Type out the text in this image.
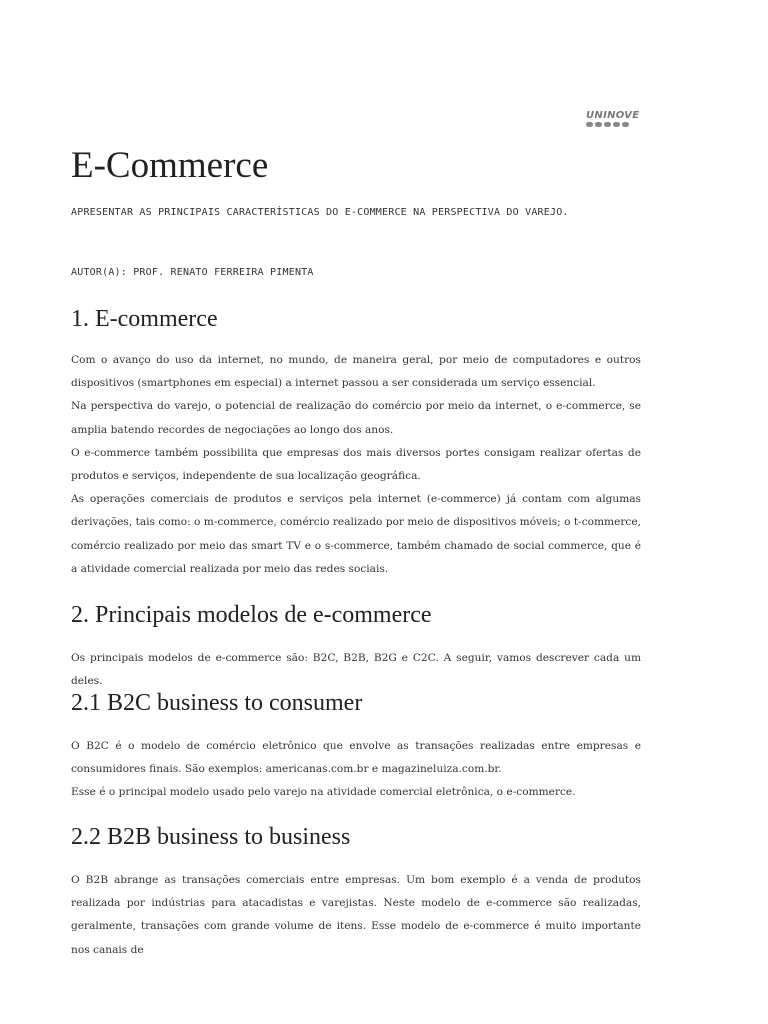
UNINOVE
E-Commerce
APRESENTAR AS PRINCIPAIS CARACTERÍSTICAS DO E-COMMERCE NA PERSPECTIVA DO VAREJO.
AUTOR(A): PROF. RENATO FERREIRA PIMENTA
1. E-commerce

Com o avanço do uso da internet, no mundo, de maneira geral, por meio de computadores e outros dispositivos (smartphones em especial) a internet passou a ser considerada um serviço essencial.

Na perspectiva do varejo, o potencial de realização do comércio por meio da internet, o e-commerce, se amplia batendo recordes de negociações ao longo dos anos.

O e-commerce também possibilita que empresas dos mais diversos portes consigam realizar ofertas de produtos e serviços, independente de sua localização geográfica.

As operações comerciais de produtos e serviços pela internet (e-commerce) já contam com algumas derivações, tais como: o m-commerce, comércio realizado por meio de dispositivos móveis; o t-commerce, comércio realizado por meio das smart TV e o s-commerce, também chamado de social commerce, que é a atividade comercial realizada por meio das redes sociais.

2. Principais modelos de e-commerce

Os principais modelos de e-commerce são: B2C, B2B, B2G e C2C. A seguir, vamos descrever cada um deles.

2.1 B2C business to consumer

O B2C é o modelo de comércio eletrônico que envolve as transações realizadas entre empresas e consumidores finais. São exemplos: americanas.com.br e magazineluiza.com.br.

Esse é o principal modelo usado pelo varejo na atividade comercial eletrônica, o e-commerce.

2.2 B2B business to business

O B2B abrange as transações comerciais entre empresas. Um bom exemplo é a venda de produtos realizada por indústrias para atacadistas e varejistas. Neste modelo de e-commerce são realizadas, geralmente, transações com grande volume de itens. Esse modelo de e-commerce é muito importante nos canais de
